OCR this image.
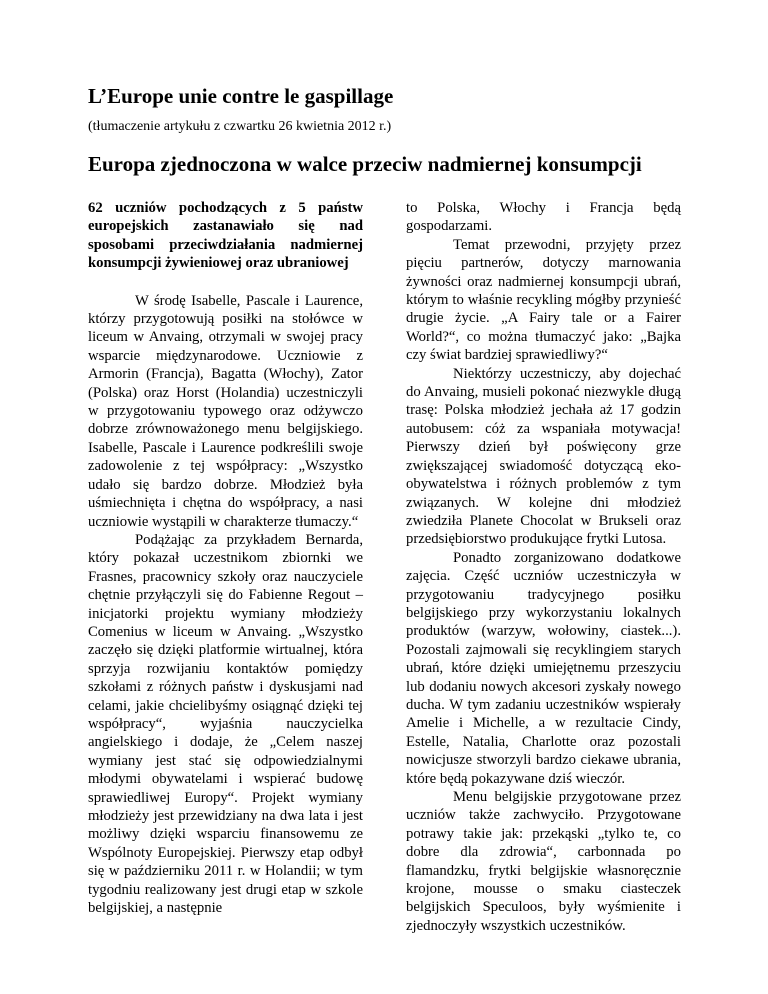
L’Europe unie contre le gaspillage

(tłumaczenie artykułu z czwartku 26 kwietnia 2012 r.)

Europa zjednoczona w walce przeciw nadmiernej konsumpcji

62 uczniów pochodzących z 5 państw europejskich zastanawiało się nad sposobami przeciwdziałania nadmiernej konsumpcji żywieniowej oraz ubraniowej

W środę Isabelle, Pascale i Laurence, którzy przygotowują posiłki na stołówce w liceum w Anvaing, otrzymali w swojej pracy wsparcie międzynarodowe. Uczniowie z Armorin (Francja), Bagatta (Włochy), Zator (Polska) oraz Horst (Holandia) uczestniczyli w przygotowaniu typowego oraz odżywczo dobrze zrównoważonego menu belgijskiego. Isabelle, Pascale i Laurence podkreślili swoje zadowolenie z tej współpracy: „Wszystko udało się bardzo dobrze. Młodzież była uśmiechnięta i chętna do współpracy, a nasi uczniowie wystąpili w charakterze tłumaczy.“

Podążając za przykładem Bernarda, który pokazał uczestnikom zbiornki we Frasnes, pracownicy szkoły oraz nauczyciele chętnie przyłączyli się do Fabienne Regout – inicjatorki projektu wymiany młodzieży Comenius w liceum w Anvaing. „Wszystko zaczęło się dzięki platformie wirtualnej, która sprzyja rozwijaniu kontaktów pomiędzy szkołami z różnych państw i dyskusjami nad celami, jakie chcielibyśmy osiągnąć dzięki tej współpracy“, wyjaśnia nauczycielka angielskiego i dodaje, że „Celem naszej wymiany jest stać się odpowiedzialnymi młodymi obywatelami i wspierać budowę sprawiedliwej Europy“. Projekt wymiany młodzieży jest przewidziany na dwa lata i jest możliwy dzięki wsparciu finansowemu ze Wspólnoty Europejskiej. Pierwszy etap odbył się w październiku 2011 r. w Holandii; w tym tygodniu realizowany jest drugi etap w szkole belgijskiej, a następnie

to Polska, Włochy i Francja będą gospodarzami.

Temat przewodni, przyjęty przez pięciu partnerów, dotyczy marnowania żywności oraz nadmiernej konsumpcji ubrań, którym to właśnie recykling mógłby przynieść drugie życie. „A Fairy tale or a Fairer World?“, co można tłumaczyć jako: „Bajka czy świat bardziej sprawiedliwy?“

Niektórzy uczestniczy, aby dojechać do Anvaing, musieli pokonać niezwykle długą trasę: Polska młodzież jechała aż 17 godzin autobusem: cóż za wspaniała motywacja! Pierwszy dzień był poświęcony grze zwiększającej swiadomość dotyczącą eko-obywatelstwa i różnych problemów z tym związanych. W kolejne dni młodzież zwiedziła Planete Chocolat w Brukseli oraz przedsiębiorstwo produkujące frytki Lutosa.

Ponadto zorganizowano dodatkowe zajęcia. Część uczniów uczestniczyła w przygotowaniu tradycyjnego posiłku belgijskiego przy wykorzystaniu lokalnych produktów (warzyw, wołowiny, ciastek...). Pozostali zajmowali się recyklingiem starych ubrań, które dzięki umiejętnemu przeszyciu lub dodaniu nowych akcesori zyskały nowego ducha. W tym zadaniu uczestników wspierały Amelie i Michelle, a w rezultacie Cindy, Estelle, Natalia, Charlotte oraz pozostali nowicjusze stworzyli bardzo ciekawe ubrania, które będą pokazywane dziś wieczór.

Menu belgijskie przygotowane przez uczniów także zachwyciło. Przygotowane potrawy takie jak: przekąski „tylko te, co dobre dla zdrowia“, carbonnada po flamandzku, frytki belgijskie własnoręcznie krojone, mousse o smaku ciasteczek belgijskich Speculoos, były wyśmienite i zjednoczyły wszystkich uczestników.
